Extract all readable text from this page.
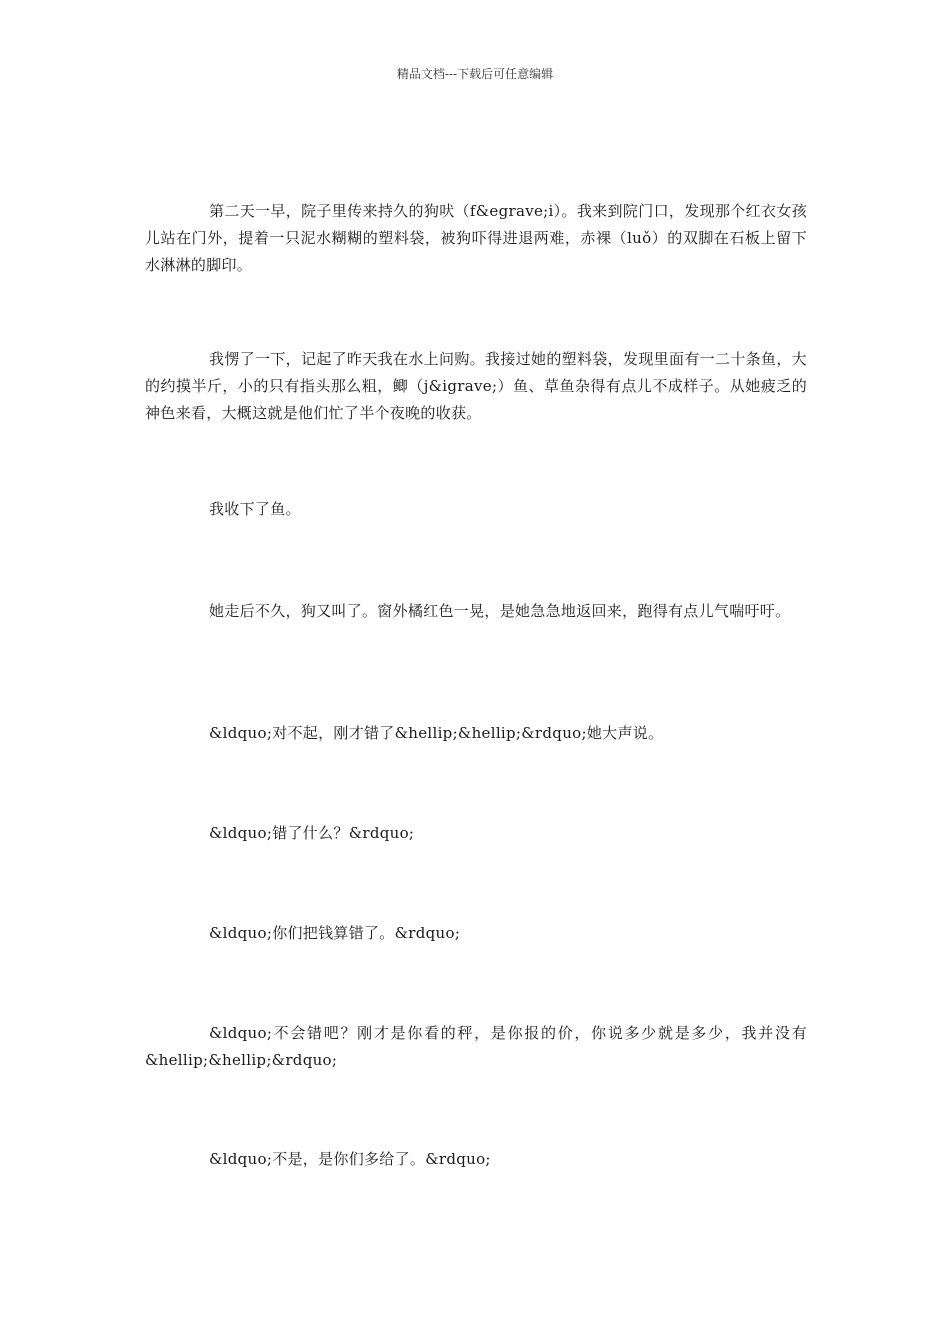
精品文档---下载后可任意编辑

第二天一早，院子里传来持久的狗吠（f&egrave;i）。我来到院门口，发现那个红衣女孩儿站在门外，提着一只泥水糊糊的塑料袋，被狗吓得进退两难，赤裸（luǒ）的双脚在石板上留下水淋淋的脚印。

我愣了一下，记起了昨天我在水上问购。我接过她的塑料袋，发现里面有一二十条鱼，大的约摸半斤，小的只有指头那么粗，鲫（j&igrave;）鱼、草鱼杂得有点儿不成样子。从她疲乏的神色来看，大概这就是他们忙了半个夜晚的收获。

我收下了鱼。

她走后不久，狗又叫了。窗外橘红色一晃，是她急急地返回来，跑得有点儿气喘吁吁。

&ldquo;对不起，刚才错了&hellip;&hellip;&rdquo;她大声说。

&ldquo;错了什么？&rdquo;

&ldquo;你们把钱算错了。&rdquo;

&ldquo;不会错吧？刚才是你看的秤，是你报的价，你说多少就是多少，我并没有&hellip;&hellip;&rdquo;

&ldquo;不是，是你们多给了。&rdquo;
